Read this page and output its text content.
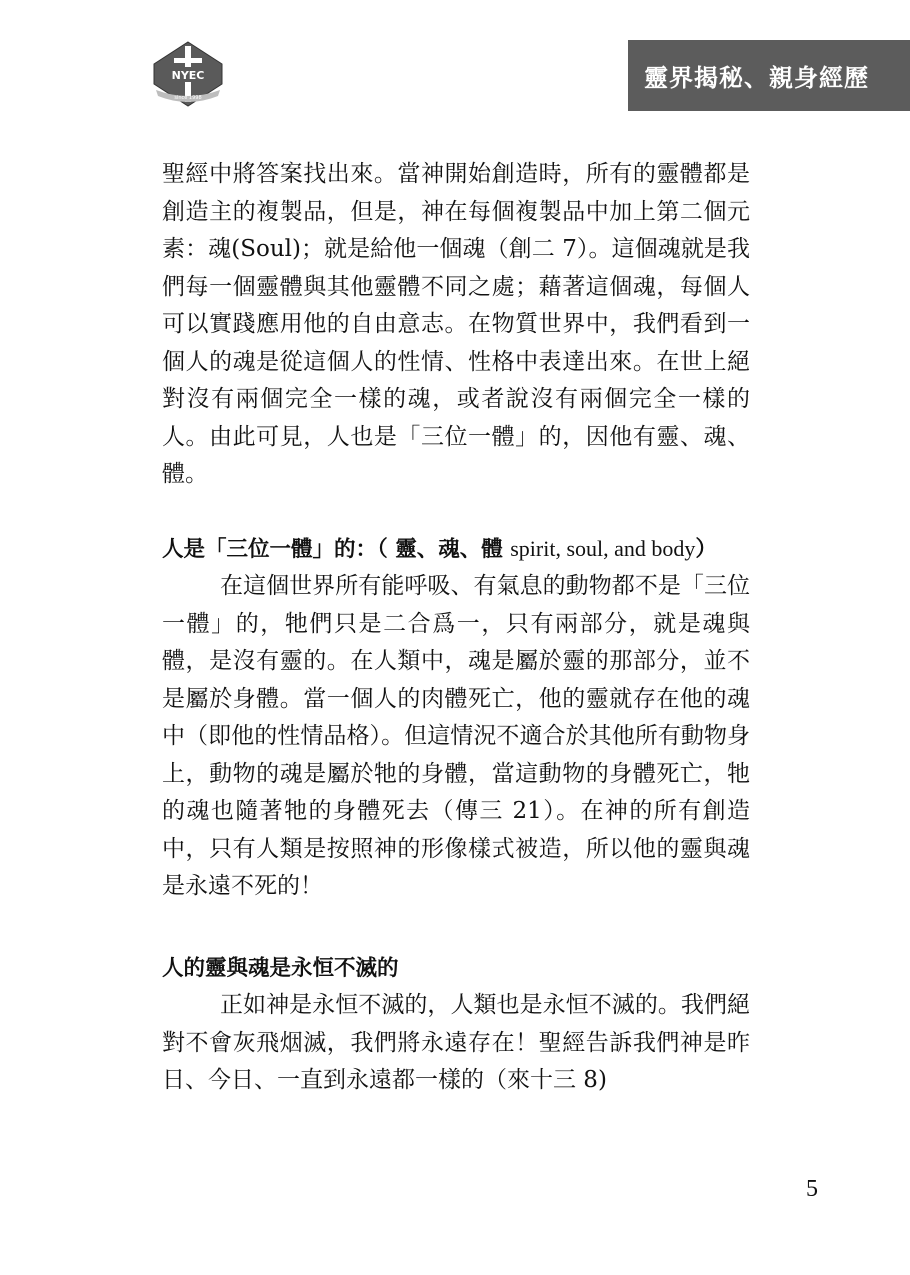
NYEC
since 1998
靈界揭秘、親身經歷

聖經中將答案找出來。當神開始創造時，所有的靈體都是創造主的複製品，但是，神在每個複製品中加上第二個元素：魂(Soul)；就是給他一個魂（創二 7）。這個魂就是我們每一個靈體與其他靈體不同之處；藉著這個魂，每個人可以實踐應用他的自由意志。在物質世界中，我們看到一個人的魂是從這個人的性情、性格中表達出來。在世上絕對沒有兩個完全一樣的魂，或者說沒有兩個完全一樣的人。由此可見，人也是「三位一體」的，因他有靈、魂、體。

人是「三位一體」的：（ 靈、魂、體 spirit, soul, and body）

在這個世界所有能呼吸、有氣息的動物都不是「三位一體」的，牠們只是二合爲一，只有兩部分，就是魂與體，是沒有靈的。在人類中，魂是屬於靈的那部分，並不是屬於身體。當一個人的肉體死亡，他的靈就存在他的魂中（即他的性情品格）。但這情況不適合於其他所有動物身上，動物的魂是屬於牠的身體，當這動物的身體死亡，牠的魂也隨著牠的身體死去（傳三 21）。在神的所有創造中，只有人類是按照神的形像樣式被造，所以他的靈與魂是永遠不死的！

人的靈與魂是永恒不滅的

正如神是永恒不滅的，人類也是永恒不滅的。我們絕對不會灰飛烟滅，我們將永遠存在！聖經告訴我們神是昨日、今日、一直到永遠都一樣的（來十三 8)

5
